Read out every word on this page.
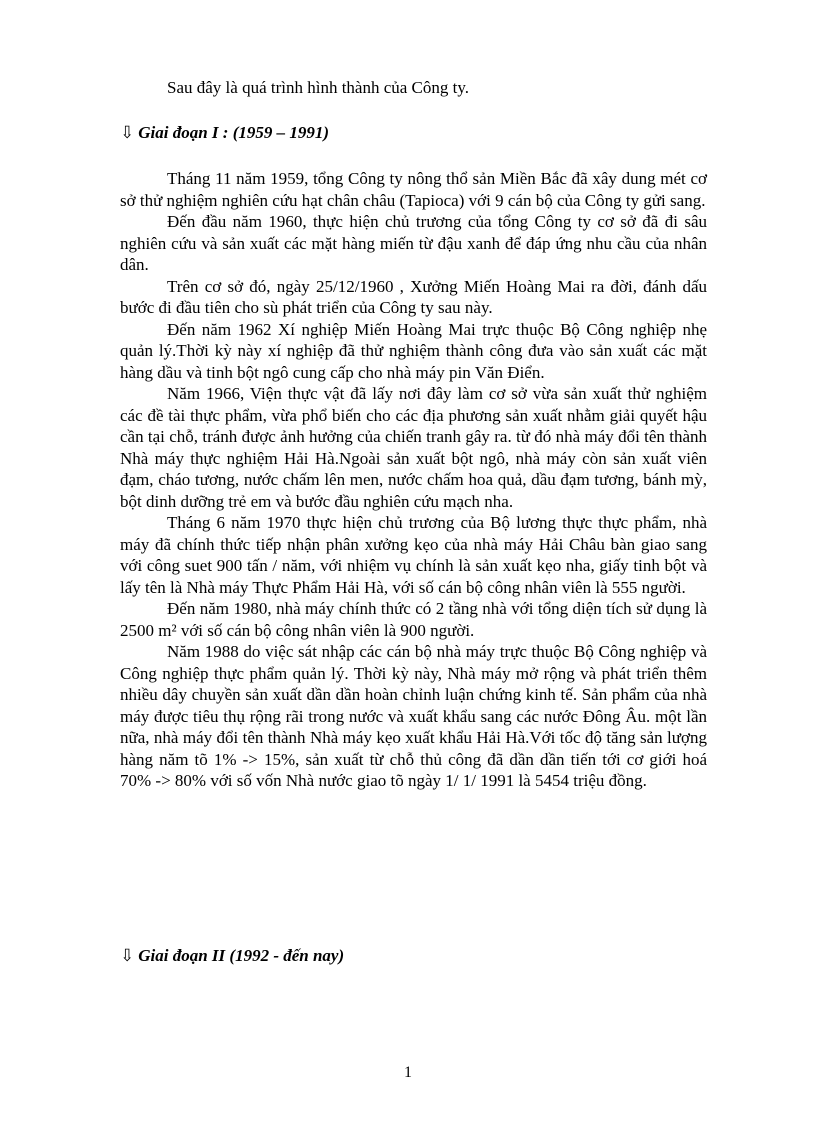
Sau đây là quá trình hình thành của Công ty.

⇩ Giai đoạn I : (1959 – 1991)

Tháng 11 năm 1959, tổng Công ty nông thổ sản Miền Bắc đã xây dung mét cơ sở thử nghiệm nghiên cứu hạt chân châu (Tapioca) với 9 cán bộ của Công ty gửi sang.

Đến đầu năm 1960, thực hiện chủ trương của tổng Công ty cơ sở đã đi sâu nghiên cứu và sản xuất các mặt hàng miến từ đậu xanh để đáp ứng nhu cầu của nhân dân.

Trên cơ sở đó, ngày 25/12/1960 , Xưởng Miến Hoàng Mai ra đời, đánh dấu bước đi đầu tiên cho sù phát triển của Công ty sau này.

Đến năm 1962 Xí nghiệp Miến Hoàng Mai trực thuộc Bộ Công nghiệp nhẹ quản lý.Thời kỳ này xí nghiệp đã thử nghiệm thành công đưa vào sản xuất các mặt hàng dầu và tinh bột ngô cung cấp cho nhà máy pin Văn Điển.

Năm 1966, Viện thực vật đã lấy nơi đây làm cơ sở vừa sản xuất thử nghiệm các đề tài thực phẩm, vừa phổ biến cho các địa phương sản xuất nhằm giải quyết hậu cần tại chỗ, tránh được ảnh hưởng của chiến tranh gây ra. từ đó nhà máy đổi tên thành Nhà máy thực nghiệm Hải Hà.Ngoài sản xuất bột ngô, nhà máy còn sản xuất viên đạm, cháo tương, nước chấm lên men, nước chấm hoa quả, dầu đạm tương, bánh mỳ, bột dinh dưỡng trẻ em và bước đầu nghiên cứu mạch nha.

Tháng 6 năm 1970 thực hiện chủ trương của Bộ lương thực thực phẩm, nhà máy đã chính thức tiếp nhận phân xưởng kẹo của nhà máy Hải Châu bàn giao sang với công suet 900 tấn / năm, với nhiệm vụ chính là sản xuất kẹo nha, giấy tinh bột và lấy tên là Nhà máy Thực Phẩm Hải Hà, với số cán bộ công nhân viên là 555 người.

Đến năm 1980, nhà máy chính thức có 2 tầng nhà với tổng diện tích sử dụng là 2500 m² với số cán bộ công nhân viên là 900 người.

Năm 1988 do việc sát nhập các cán bộ nhà máy trực thuộc Bộ Công nghiệp và Công nghiệp thực phẩm quản lý. Thời kỳ này, Nhà máy mở rộng và phát triển thêm nhiều dây chuyền sản xuất dần dần hoàn chỉnh luận chứng kinh tế. Sản phẩm của nhà máy được tiêu thụ rộng rãi trong nước và xuất khẩu sang các nước Đông Âu. một lần nữa, nhà máy đổi tên thành Nhà máy kẹo xuất khẩu Hải Hà.Với tốc độ tăng sản lượng hàng năm tõ 1% -> 15%, sản xuất từ chỗ thủ công đã dần dần tiến tới cơ giới hoá 70% -> 80% với số vốn Nhà nước giao tõ ngày 1/ 1/ 1991 là 5454 triệu đồng.

⇩ Giai đoạn II (1992 - đến nay)

1
